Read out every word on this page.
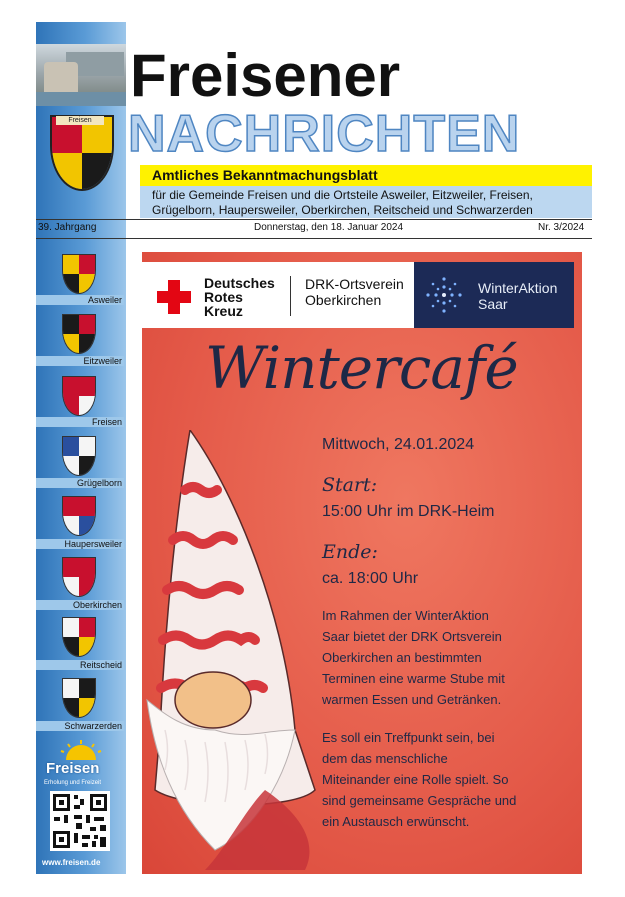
Freisen
Asweiler
Eitzweiler
Freisen
Grügelborn
Haupersweiler
Oberkirchen
Reitscheid
Schwarzerden
Freisen
Erholung und Freizeit
www.freisen.de
Freisener
NACHRICHTEN
Amtliches Bekanntmachungsblatt
für die Gemeinde Freisen und die Ortsteile Asweiler, Eitzweiler, Freisen,
Grügelborn, Haupersweiler, Oberkirchen, Reitscheid und Schwarzerden
39. Jahrgang	Donnerstag, den 18. Januar 2024	Nr. 3/2024
Deutsches
Rotes
Kreuz
DRK-Ortsverein
Oberkirchen
WinterAktion
Saar
Wintercafé
Mittwoch, 24.01.2024
Start:
15:00 Uhr im DRK-Heim
Ende:
ca. 18:00 Uhr
Im Rahmen der WinterAktion
Saar bietet der DRK Ortsverein
Oberkirchen an bestimmten
Terminen eine warme Stube mit
warmen Essen und Getränken.
Es soll ein Treffpunkt sein, bei
dem das menschliche
Miteinander eine Rolle spielt. So
sind gemeinsame Gespräche und
ein Austausch erwünscht.
